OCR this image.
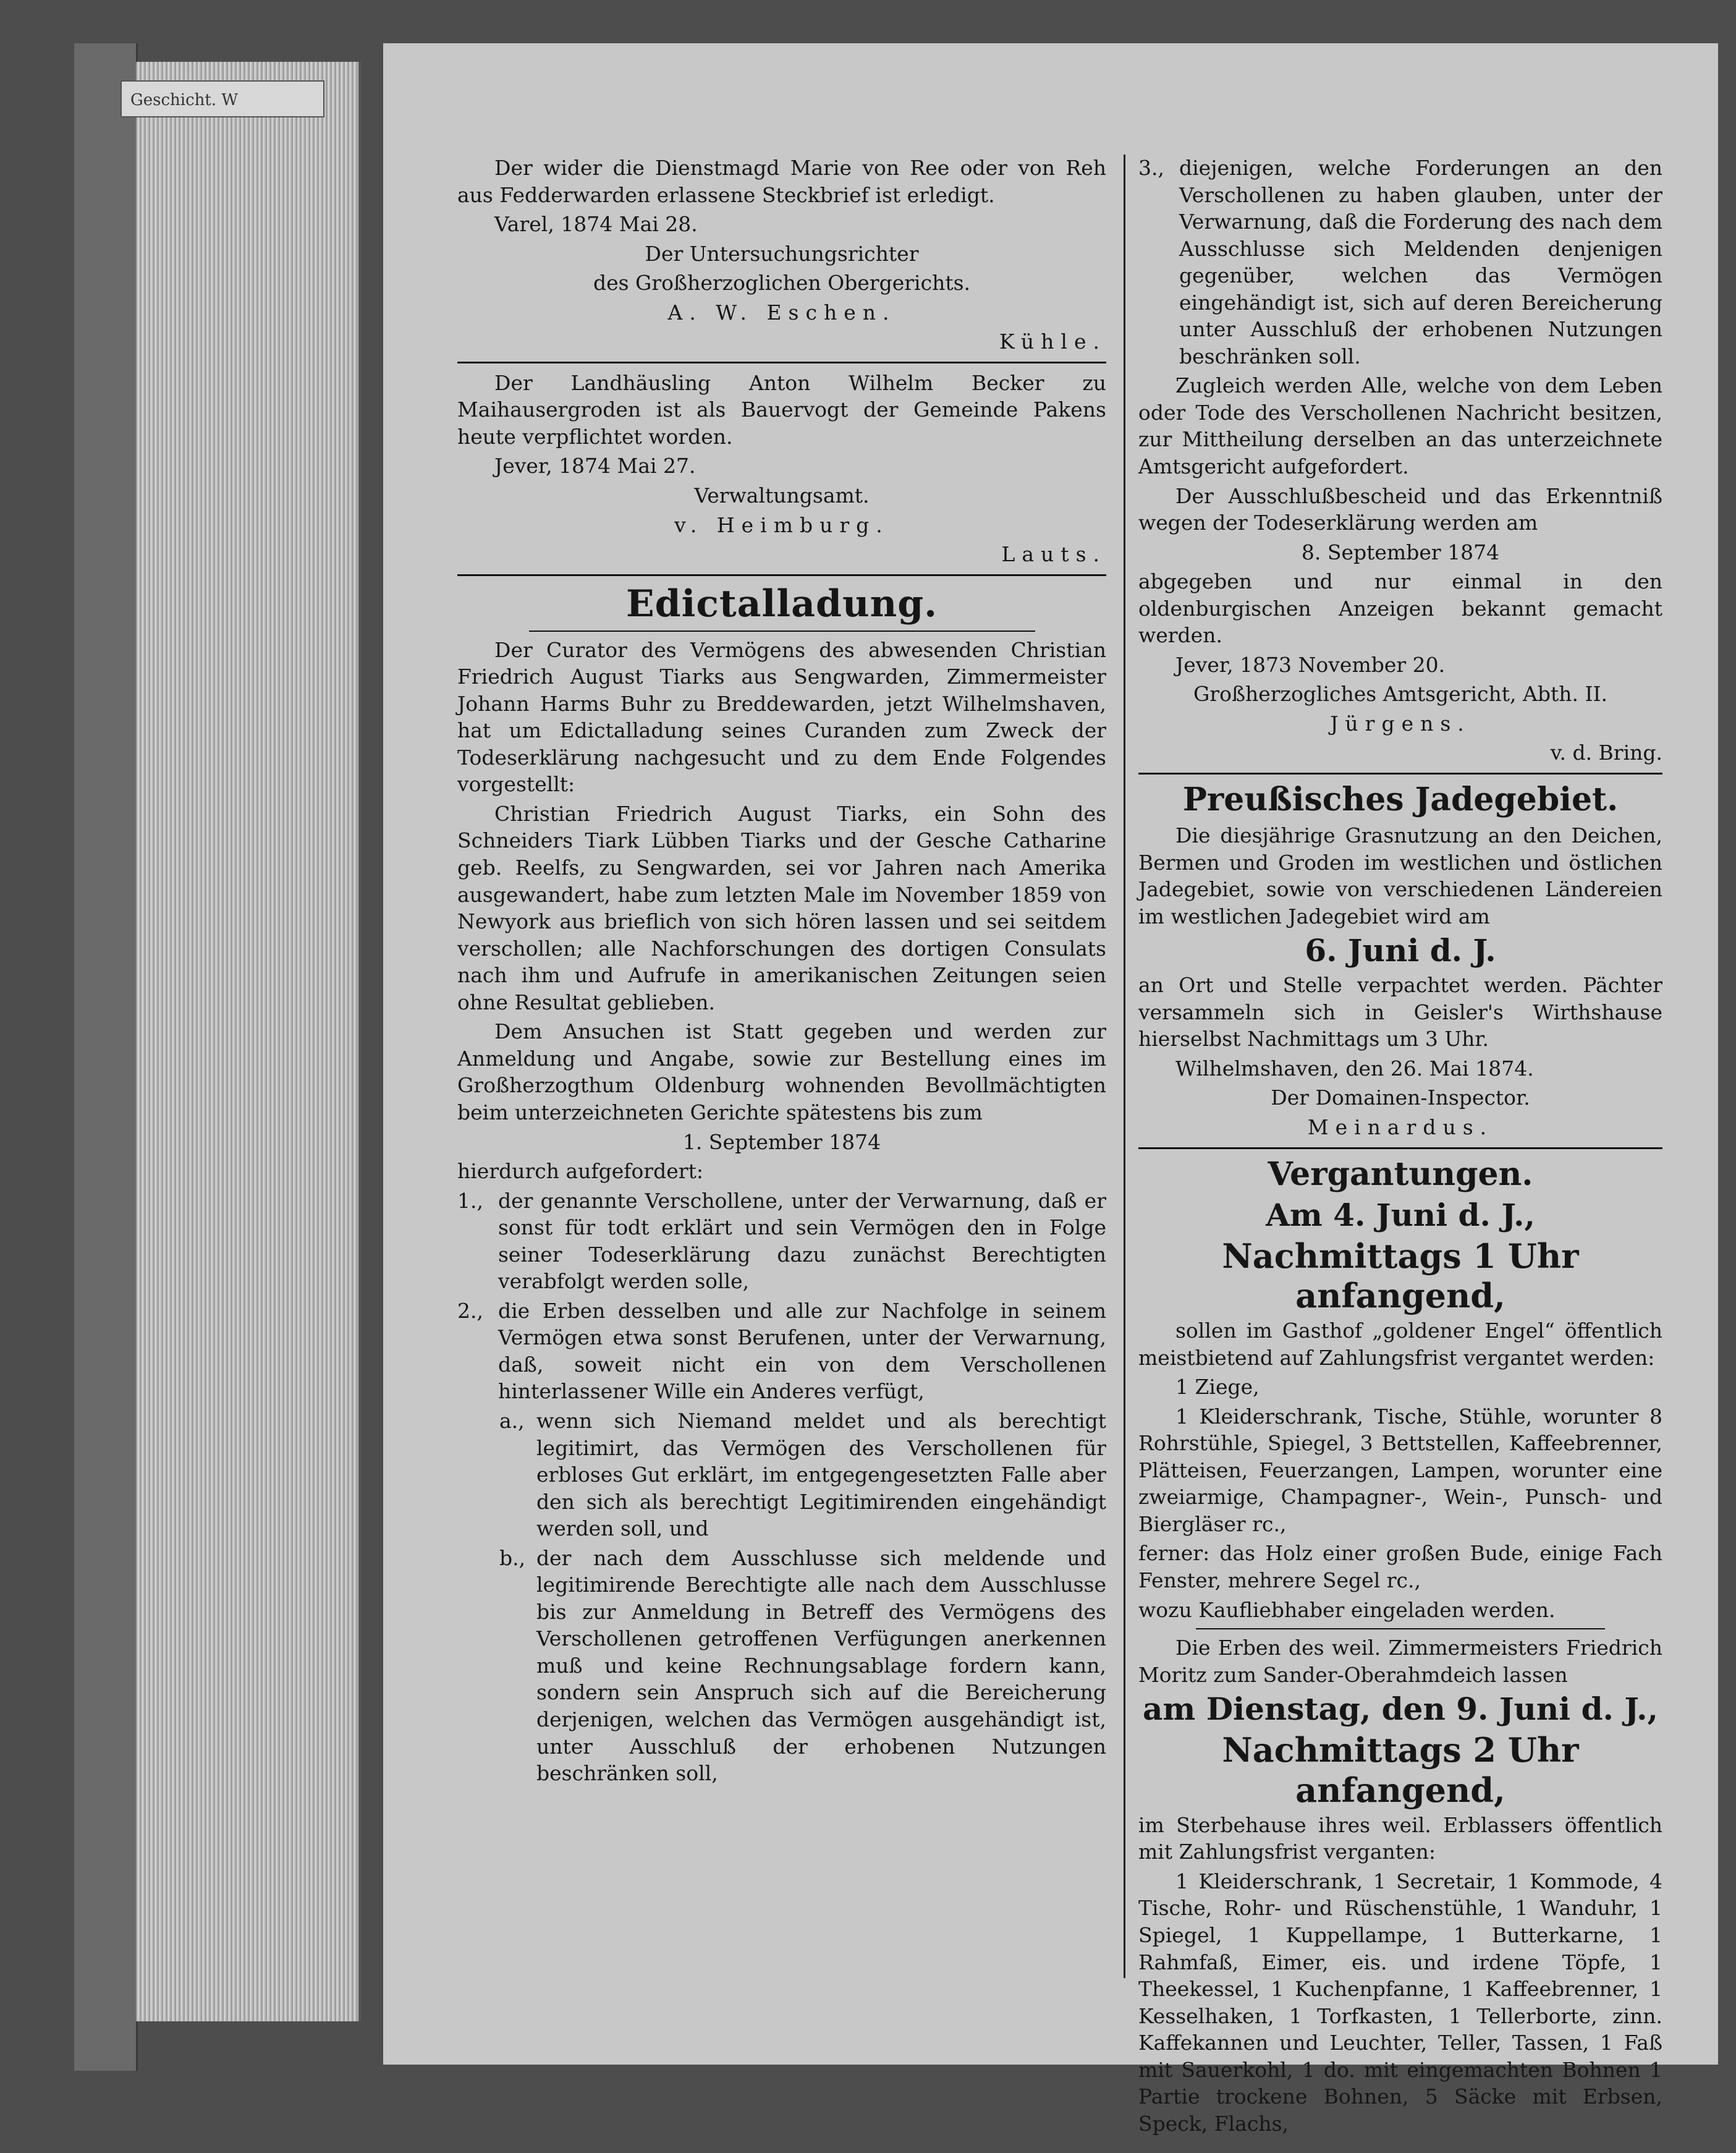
Geschicht. W

Der wider die Dienstmagd Marie von Ree oder von Reh aus Fedderwarden erlassene Steckbrief ist erledigt.

Varel, 1874 Mai 28.

Der Untersuchungsrichter

des Großherzoglichen Obergerichts.

A. W. Eschen.

Kühle.

Der Landhäusling Anton Wilhelm Becker zu Maihausergroden ist als Bauervogt der Gemeinde Pakens heute verpflichtet worden.

Jever, 1874 Mai 27.

Verwaltungsamt.

v. Heimburg.

Lauts.

Edictalladung.

Der Curator des Vermögens des abwesenden Christian Friedrich August Tiarks aus Sengwarden, Zimmermeister Johann Harms Buhr zu Breddewarden, jetzt Wilhelmshaven, hat um Edictalladung seines Curanden zum Zweck der Todeserklärung nachgesucht und zu dem Ende Folgendes vorgestellt:

Christian Friedrich August Tiarks, ein Sohn des Schneiders Tiark Lübben Tiarks und der Gesche Catharine geb. Reelfs, zu Sengwarden, sei vor Jahren nach Amerika ausgewandert, habe zum letzten Male im November 1859 von Newyork aus brieflich von sich hören lassen und sei seitdem verschollen; alle Nachforschungen des dortigen Consulats nach ihm und Aufrufe in amerikanischen Zeitungen seien ohne Resultat geblieben.

Dem Ansuchen ist Statt gegeben und werden zur Anmeldung und Angabe, sowie zur Bestellung eines im Großherzogthum Oldenburg wohnenden Bevollmächtigten beim unterzeichneten Gerichte spätestens bis zum

1. September 1874

hierdurch aufgefordert:

1., der genannte Verschollene, unter der Verwarnung, daß er sonst für todt erklärt und sein Vermögen den in Folge seiner Todeserklärung dazu zunächst Berechtigten verabfolgt werden solle,
2., die Erben desselben und alle zur Nachfolge in seinem Vermögen etwa sonst Berufenen, unter der Verwarnung, daß, soweit nicht ein von dem Verschollenen hinterlassener Wille ein Anderes verfügt,
a., wenn sich Niemand meldet und als berechtigt legitimirt, das Vermögen des Verschollenen für erbloses Gut erklärt, im entgegengesetzten Falle aber den sich als berechtigt Legitimirenden eingehändigt werden soll, und
b., der nach dem Ausschlusse sich meldende und legitimirende Berechtigte alle nach dem Ausschlusse bis zur Anmeldung in Betreff des Vermögens des Verschollenen getroffenen Verfügungen anerkennen muß und keine Rechnungsablage fordern kann, sondern sein Anspruch sich auf die Bereicherung derjenigen, welchen das Vermögen ausgehändigt ist, unter Ausschluß der erhobenen Nutzungen beschränken soll,
3., diejenigen, welche Forderungen an den Verschollenen zu haben glauben, unter der Verwarnung, daß die Forderung des nach dem Ausschlusse sich Meldenden denjenigen gegenüber, welchen das Vermögen eingehändigt ist, sich auf deren Bereicherung unter Ausschluß der erhobenen Nutzungen beschränken soll.

Zugleich werden Alle, welche von dem Leben oder Tode des Verschollenen Nachricht besitzen, zur Mittheilung derselben an das unterzeichnete Amtsgericht aufgefordert.

Der Ausschlußbescheid und das Erkenntniß wegen der Todeserklärung werden am

8. September 1874

abgegeben und nur einmal in den oldenburgischen Anzeigen bekannt gemacht werden.

Jever, 1873 November 20.

Großherzogliches Amtsgericht, Abth. II.

Jürgens.

v. d. Bring.

Preußisches Jadegebiet.

Die diesjährige Grasnutzung an den Deichen, Bermen und Groden im westlichen und östlichen Jadegebiet, sowie von verschiedenen Ländereien im westlichen Jadegebiet wird am

6. Juni d. J.

an Ort und Stelle verpachtet werden. Pächter versammeln sich in Geisler's Wirthshause hierselbst Nachmittags um 3 Uhr.

Wilhelmshaven, den 26. Mai 1874.

Der Domainen-Inspector.

Meinardus.

Vergantungen.

Am 4. Juni d. J.,

Nachmittags 1 Uhr anfangend,

sollen im Gasthof „goldener Engel“ öffentlich meistbietend auf Zahlungsfrist vergantet werden:

1 Ziege,

1 Kleiderschrank, Tische, Stühle, worunter 8 Rohrstühle, Spiegel, 3 Bettstellen, Kaffeebrenner, Plätteisen, Feuerzangen, Lampen, worunter eine zweiarmige, Champagner-, Wein-, Punsch- und Biergläser rc.,

ferner: das Holz einer großen Bude, einige Fach Fenster, mehrere Segel rc.,

wozu Kaufliebhaber eingeladen werden.

Die Erben des weil. Zimmermeisters Friedrich Moritz zum Sander-Oberahmdeich lassen

am Dienstag, den 9. Juni d. J.,

Nachmittags 2 Uhr anfangend,

im Sterbehause ihres weil. Erblassers öffentlich mit Zahlungsfrist verganten:

1 Kleiderschrank, 1 Secretair, 1 Kommode, 4 Tische, Rohr- und Rüschenstühle, 1 Wanduhr, 1 Spiegel, 1 Kuppellampe, 1 Butterkarne, 1 Rahmfaß, Eimer, eis. und irdene Töpfe, 1 Theekessel, 1 Kuchenpfanne, 1 Kaffeebrenner, 1 Kesselhaken, 1 Torfkasten, 1 Tellerborte, zinn. Kaffekannen und Leuchter, Teller, Tassen, 1 Faß mit Sauerkohl, 1 do. mit eingemachten Bohnen 1 Partie trockene Bohnen, 5 Säcke mit Erbsen, Speck, Flachs,
